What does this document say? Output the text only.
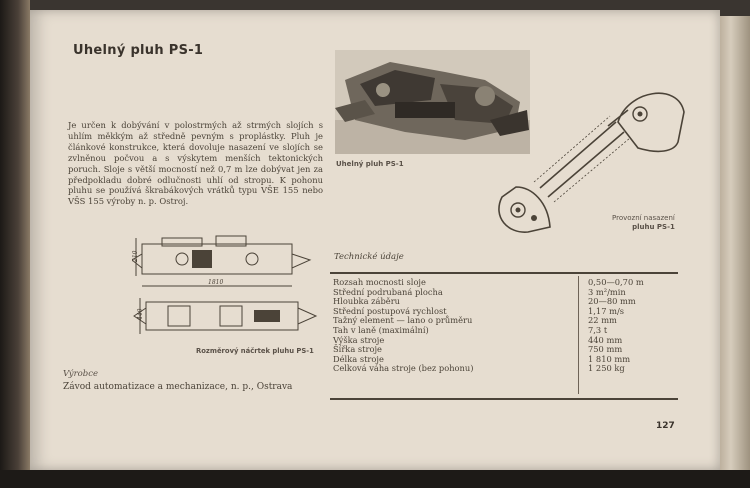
Uhelný pluh PS-1
Je určen k dobývání v polostrmých až strmých slojích s uhlím měkkým až středně pevným s proplástky. Pluh je článkové konstrukce, která dovoluje nasazení ve slojích se zvlněnou počvou a s výskytem menších tektonických poruch. Sloje s větší mocností než 0,7 m lze dobývat jen za předpokladu dobré odlučnosti uhlí od stropu. K pohonu pluhu se používá škrabákových vrátků typu VŠE 155 nebo VŠS 155 výroby n. p. Ostroj.
Uhelný pluh PS-1
Provozní nasazení
pluhu PS-1
210
1810
440
Rozměrový náčrtek pluhu PS-1
Výrobce
Závod automatizace a mechanizace, n. p., Ostrava
Technické údaje
Rozsah mocnosti sloje	0,50—0,70 m
Střední podrubaná plocha	3 m²/min
Hloubka záběru	20—80 mm
Střední postupová rychlost	1,17 m/s
Tažný element — lano o průměru	22 mm
Tah v laně (maximální)	7,3 t
Výška stroje	440 mm
Šířka stroje	750 mm
Délka stroje	1 810 mm
Celková váha stroje (bez pohonu)	1 250 kg
127
